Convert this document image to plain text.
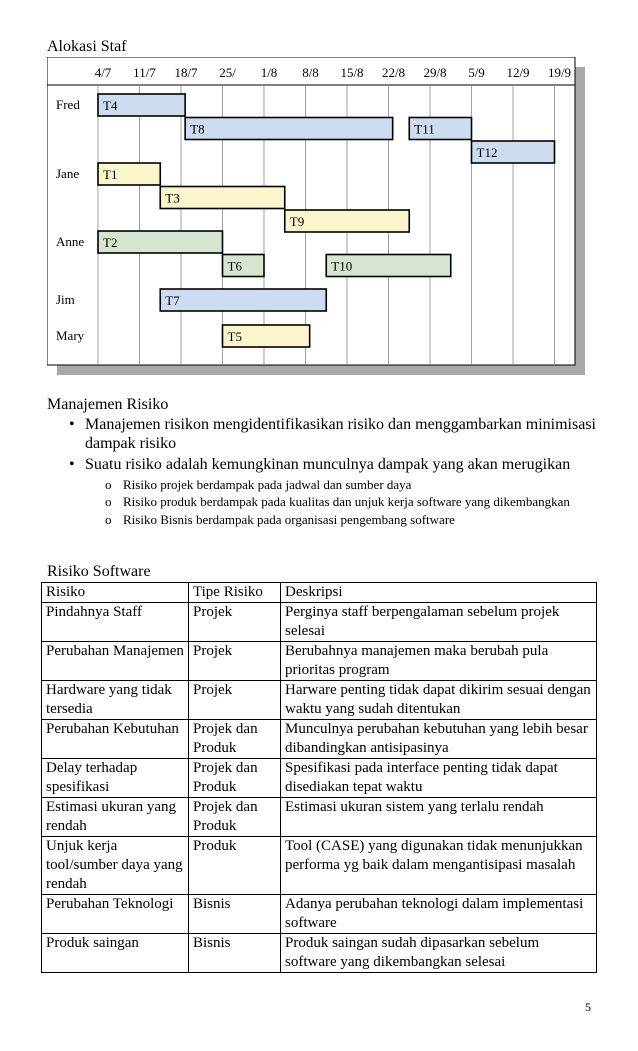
Alokasi Staf
4/7 11/7 18/7 25/ 1/8 8/8 15/8 22/8 29/8 5/9 12/9 19/9
Fred T4
T8	T11
T12
Jane T1
T3
T9
Anne T2
T6	T10
Jim	T7
Mary	T5
Manajemen Risiko
• Manajemen risikon mengidentifikasikan risiko dan menggambarkan minimisasi dampak risiko
• Suatu risiko adalah kemungkinan munculnya dampak yang akan merugikan
o Risiko projek berdampak pada jadwal dan sumber daya
o Risiko produk berdampak pada kualitas dan unjuk kerja software yang dikembangkan
o Risiko Bisnis berdampak pada organisasi pengembang software
Risiko Software
Risiko	Tipe Risiko	Deskripsi
Pindahnya Staff	Projek	Perginya staff berpengalaman sebelum projek selesai
Perubahan Manajemen	Projek	Berubahnya manajemen maka berubah pula prioritas program
Hardware yang tidak tersedia	Projek	Harware penting tidak dapat dikirim sesuai dengan waktu yang sudah ditentukan
Perubahan Kebutuhan	Projek dan Produk	Munculnya perubahan kebutuhan yang lebih besar dibandingkan antisipasinya
Delay terhadap spesifikasi	Projek dan Produk	Spesifikasi pada interface penting tidak dapat disediakan tepat waktu
Estimasi ukuran yang rendah	Projek dan Produk	Estimasi ukuran sistem yang terlalu rendah
Unjuk kerja tool/sumber daya yang rendah	Produk	Tool (CASE) yang digunakan tidak menunjukkan performa yg baik dalam mengantisipasi masalah
Perubahan Teknologi	Bisnis	Adanya perubahan teknologi dalam implementasi software
Produk saingan	Bisnis	Produk saingan sudah dipasarkan sebelum software yang dikembangkan selesai
5
